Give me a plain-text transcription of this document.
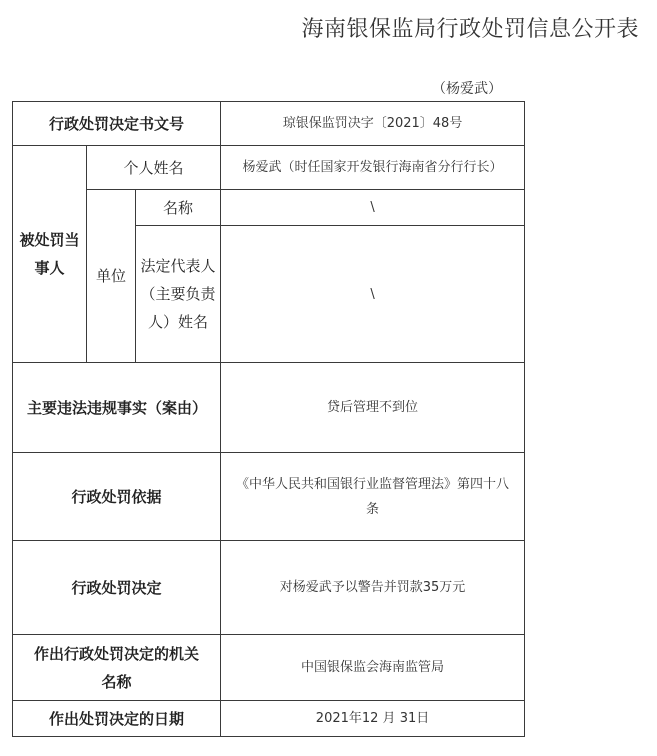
海南银保监局行政处罚信息公开表
（杨爱武）
行政处罚决定书文号			琼银保监罚决字〔2021〕48号
被处罚当事人	个人姓名		杨爱武（时任国家开发银行海南省分行行长）
	单位	名称	\
		法定代表人（主要负责人）姓名	\
主要违法违规事实（案由）			贷后管理不到位
行政处罚依据			《中华人民共和国银行业监督管理法》第四十八条
行政处罚决定			对杨爱武予以警告并罚款35万元
作出行政处罚决定的机关名称			中国银保监会海南监管局
作出处罚决定的日期			2021年12 月 31日
